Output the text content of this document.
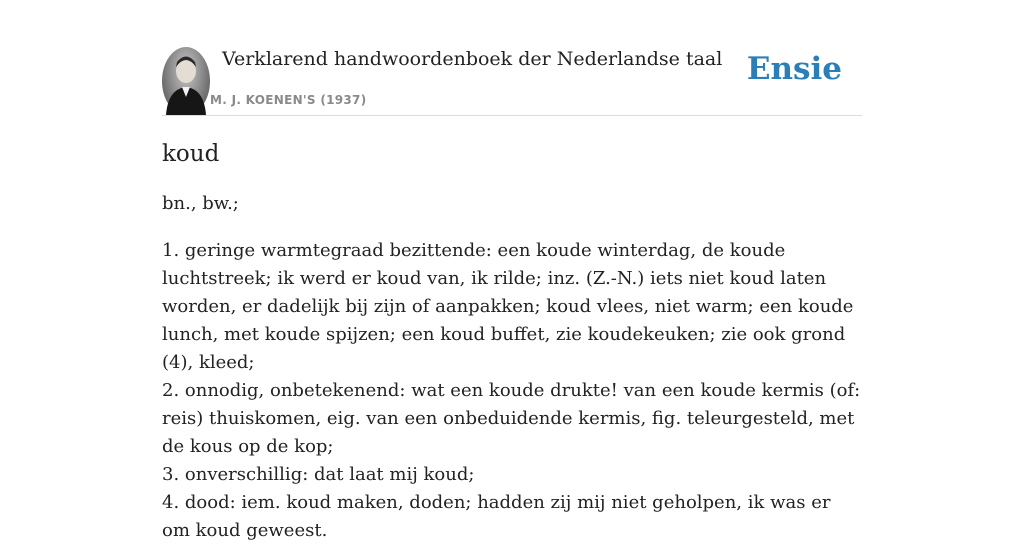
Verklarend handwoordenboek der Nederlandse taal
M. J. KOENEN'S (1937)
Ensie
koud

bn., bw.;

1. geringe warmtegraad bezittende: een koude winterdag, de koude luchtstreek; ik werd er koud van, ik rilde; inz. (Z.-N.) iets niet koud laten worden, er dadelijk bij zijn of aanpakken; koud vlees, niet warm; een koude lunch, met koude spijzen; een koud buffet, zie koudekeuken; zie ook grond (4), kleed;

2. onnodig, onbetekenend: wat een koude drukte! van een koude kermis (of: reis) thuiskomen, eig. van een onbeduidende kermis, fig. teleurgesteld, met de kous op de kop;

3. onverschillig: dat laat mij koud;

4. dood: iem. koud maken, doden; hadden zij mij niet geholpen, ik was er om koud geweest.
